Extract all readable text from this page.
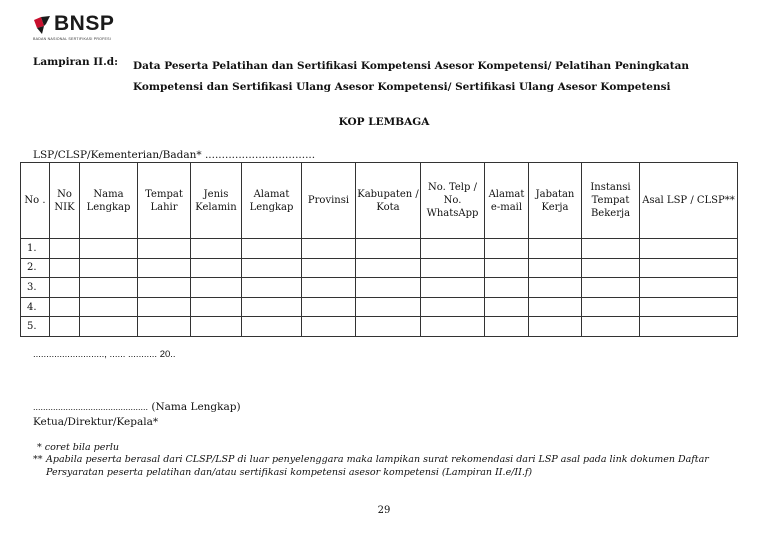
BNSP
BADAN NASIONAL SERTIFIKASI PROFESI
Lampiran II.d: Data Peserta Pelatihan dan Sertifikasi Kompetensi Asesor Kompetensi/ Pelatihan Peningkatan
Kompetensi dan Sertifikasi Ulang Asesor Kompetensi/ Sertifikasi Ulang Asesor Kompetensi
KOP LEMBAGA
LSP/CLSP/Kementerian/Badan* .................................
No .	No NIK	Nama Lengkap	Tempat Lahir	Jenis Kelamin	Alamat Lengkap	Provinsi	Kabupaten / Kota	No. Telp / No. WhatsApp	Alamat e-mail	Jabatan Kerja	Instansi Tempat Bekerja	Asal LSP / CLSP**
1.												
2.												
3.												
4.												
5.												
..........................., ...... ........... 20..
.............................................. (Nama Lengkap)
Ketua/Direktur/Kepala*
* coret bila perlu
** Apabila peserta berasal dari CLSP/LSP di luar penyelenggara maka lampikan surat rekomendasi dari LSP asal pada link dokumen Daftar
Persyaratan peserta pelatihan dan/atau sertifikasi kompetensi asesor kompetensi (Lampiran II.e/II.f)
29
